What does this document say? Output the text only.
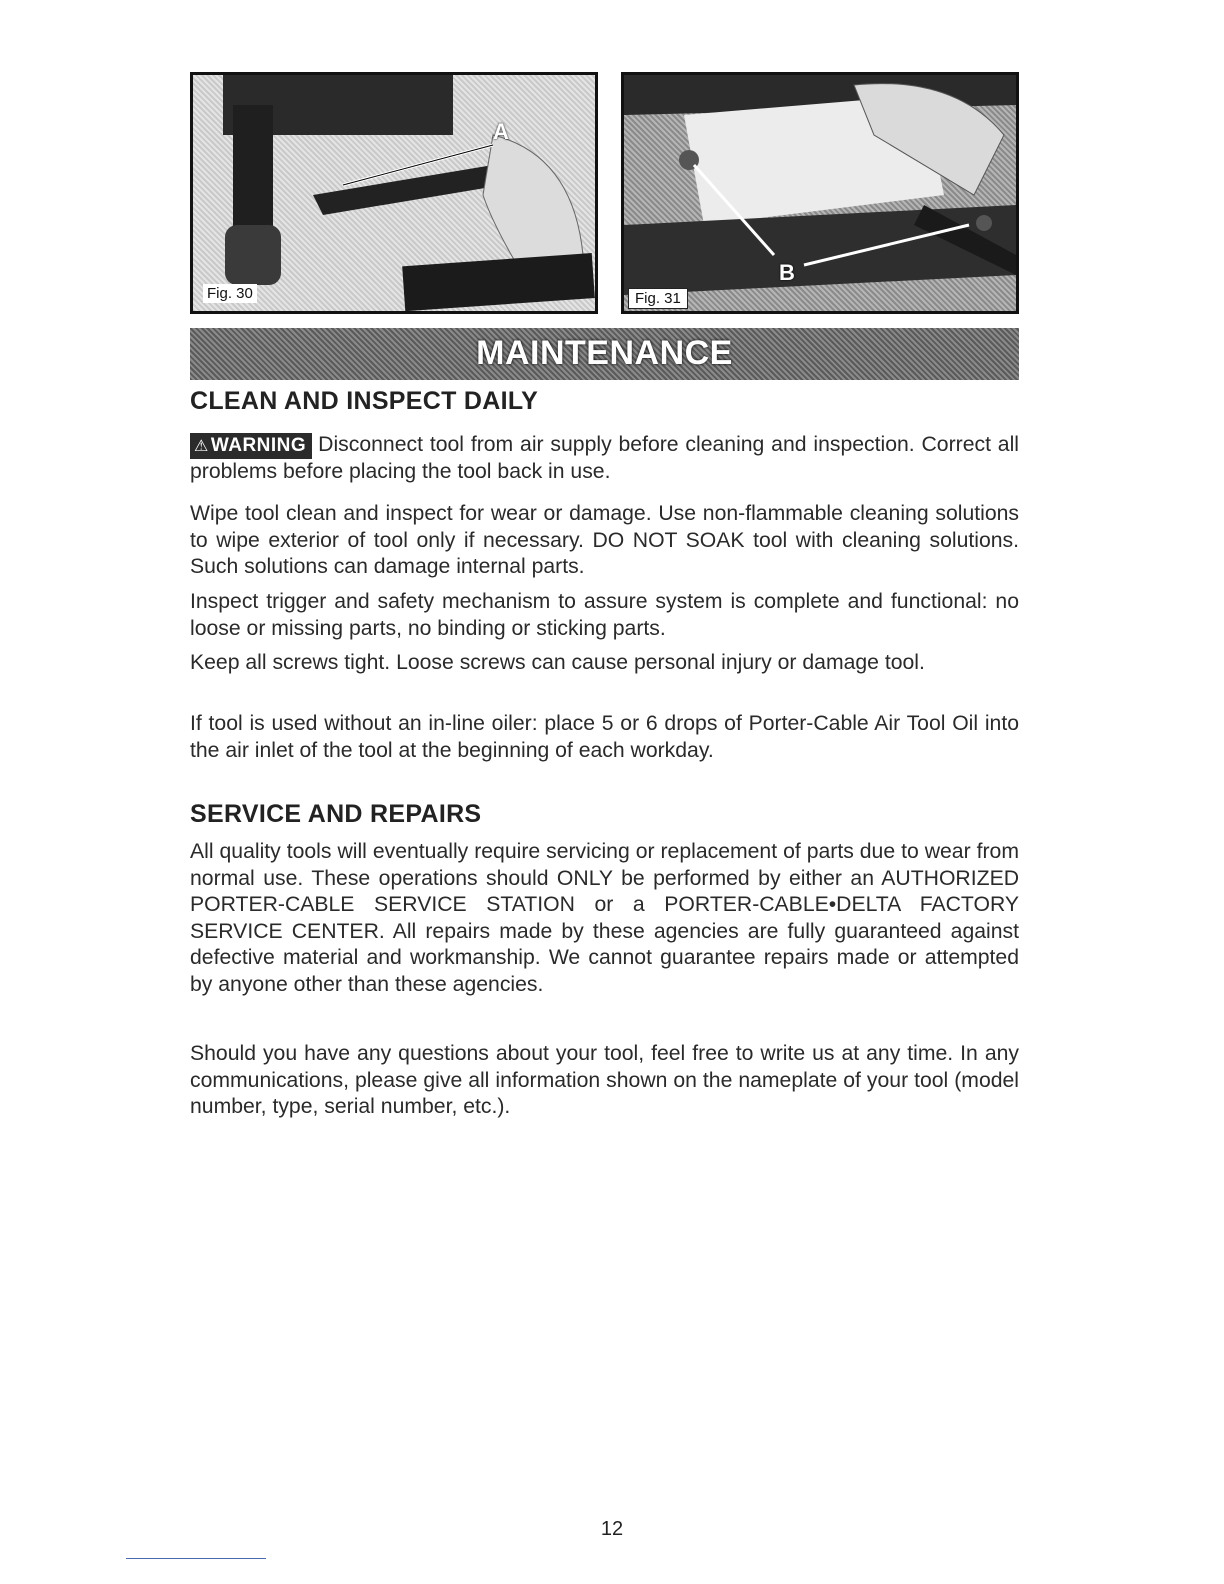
A
Fig. 30
B
Fig. 31
MAINTENANCE
CLEAN AND INSPECT DAILY

⚠ WARNING Disconnect tool from air supply before cleaning and inspection. Correct all problems before placing the tool back in use.

Wipe tool clean and inspect for wear or damage. Use non-flammable cleaning solutions to wipe exterior of tool only if necessary. DO NOT SOAK tool with cleaning solutions. Such solutions can damage internal parts.

Inspect trigger and safety mechanism to assure system is complete and functional: no loose or missing parts, no binding or sticking parts.

Keep all screws tight. Loose screws can cause personal injury or damage tool.

If tool is used without an in-line oiler: place 5 or 6 drops of Porter-Cable Air Tool Oil into the air inlet of the tool at the beginning of each workday.

SERVICE AND REPAIRS

All quality tools will eventually require servicing or replacement of parts due to wear from normal use. These operations should ONLY be performed by either an AUTHORIZED PORTER-CABLE SERVICE STATION or a PORTER-CABLE•DELTA FACTORY SERVICE CENTER. All repairs made by these agencies are fully guaranteed against defective material and workmanship. We cannot guarantee repairs made or attempted by anyone other than these agencies.

Should you have any questions about your tool, feel free to write us at any time. In any communications, please give all information shown on the nameplate of your tool (model number, type, serial number, etc.).

12
